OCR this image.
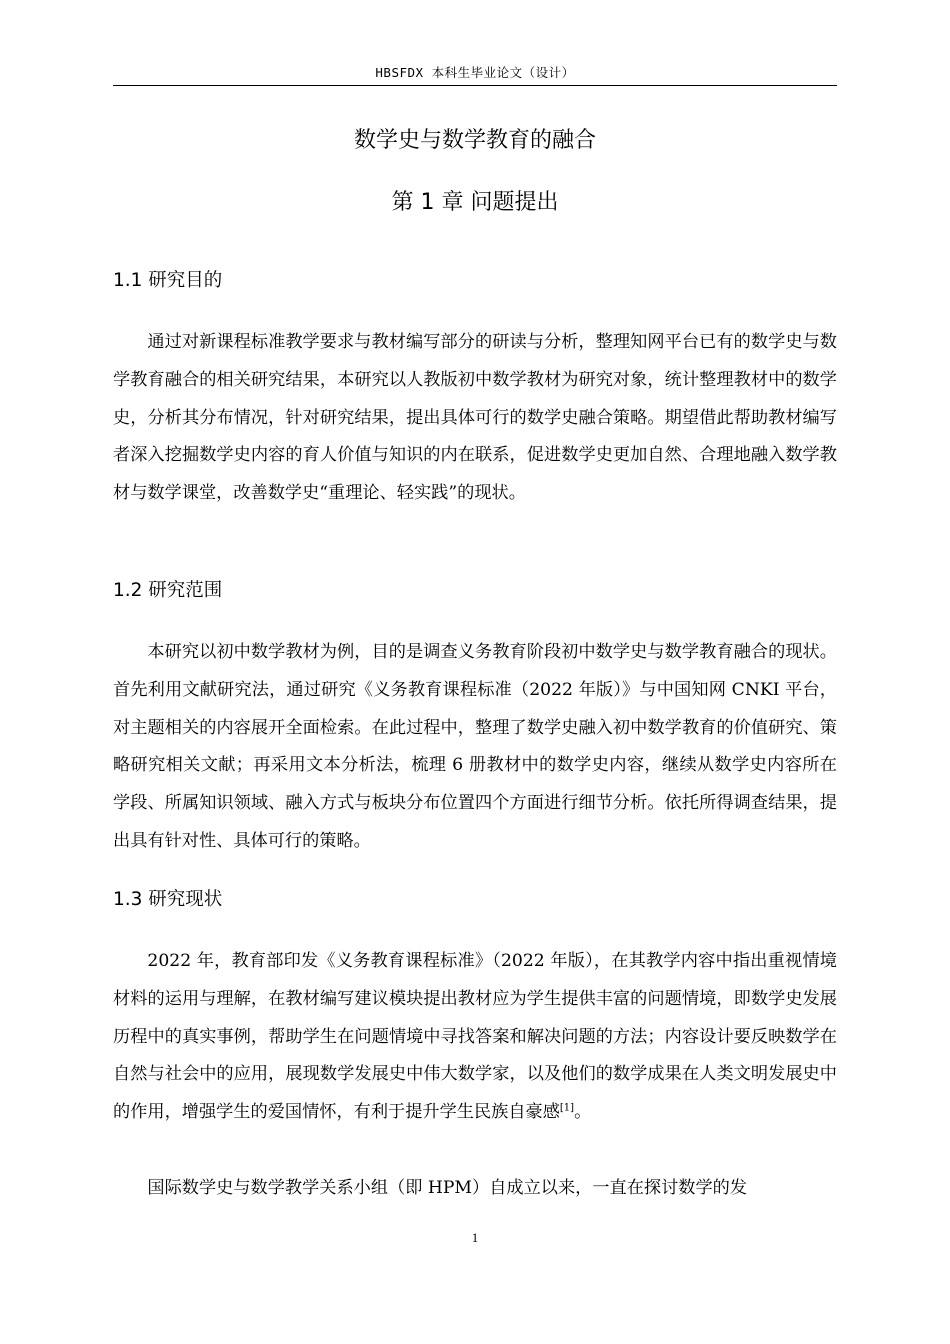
HBSFDX 本科生毕业论文（设计）
数学史与数学教育的融合
第 1 章 问题提出
1.1 研究目的

通过对新课程标准教学要求与教材编写部分的研读与分析，整理知网平台已有的数学史与数学教育融合的相关研究结果，本研究以人教版初中数学教材为研究对象，统计整理教材中的数学史，分析其分布情况，针对研究结果，提出具体可行的数学史融合策略。期望借此帮助教材编写者深入挖掘数学史内容的育人价值与知识的内在联系，促进数学史更加自然、合理地融入数学教材与数学课堂，改善数学史“重理论、轻实践”的现状。

1.2 研究范围

本研究以初中数学教材为例，目的是调查义务教育阶段初中数学史与数学教育融合的现状。首先利用文献研究法，通过研究《义务教育课程标准（2022 年版）》与中国知网 CNKI 平台，对主题相关的内容展开全面检索。在此过程中，整理了数学史融入初中数学教育的价值研究、策略研究相关文献；再采用文本分析法，梳理 6 册教材中的数学史内容，继续从数学史内容所在学段、所属知识领域、融入方式与板块分布位置四个方面进行细节分析。依托所得调查结果，提出具有针对性、具体可行的策略。

1.3 研究现状

2022 年，教育部印发《义务教育课程标准》（2022 年版），在其教学内容中指出重视情境材料的运用与理解，在教材编写建议模块提出教材应为学生提供丰富的问题情境，即数学史发展历程中的真实事例，帮助学生在问题情境中寻找答案和解决问题的方法；内容设计要反映数学在自然与社会中的应用，展现数学发展史中伟大数学家，以及他们的数学成果在人类文明发展史中的作用，增强学生的爱国情怀，有利于提升学生民族自豪感[1]。

国际数学史与数学教学关系小组（即 HPM）自成立以来，一直在探讨数学的发

1
